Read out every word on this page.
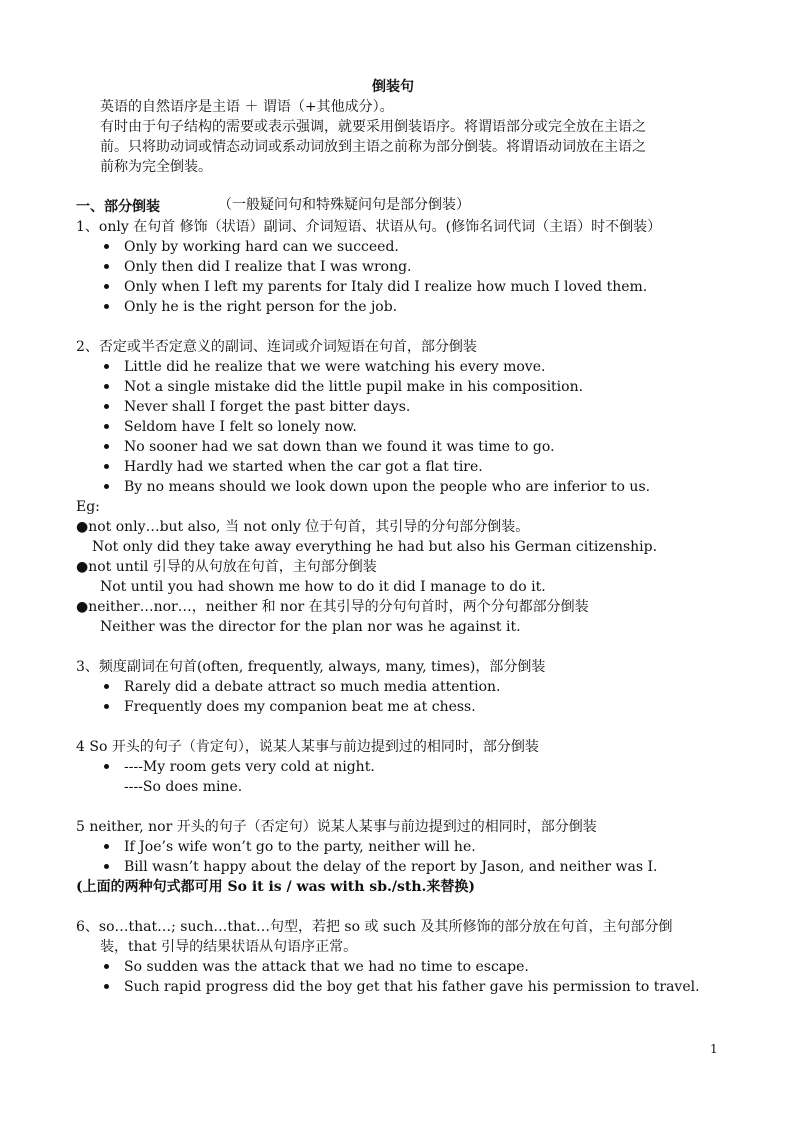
倒装句
英语的自然语序是主语 ＋ 谓语（+其他成分）。
有时由于句子结构的需要或表示强调，就要采用倒装语序。将谓语部分或完全放在主语之
前。只将助动词或情态动词或系动词放到主语之前称为部分倒装。将谓语动词放在主语之
前称为完全倒装。
一、部分倒装	（一般疑问句和特殊疑问句是部分倒装）
1、only 在句首 修饰（状语）副词、介词短语、状语从句。(修饰名词代词（主语）时不倒装）
Only by working hard can we succeed.
Only then did I realize that I was wrong.
Only when I left my parents for Italy did I realize how much I loved them.
Only he is the right person for the job.
2、否定或半否定意义的副词、连词或介词短语在句首，部分倒装
Little did he realize that we were watching his every move.
Not a single mistake did the little pupil make in his composition.
Never shall I forget the past bitter days.
Seldom have I felt so lonely now.
No sooner had we sat down than we found it was time to go.
Hardly had we started when the car got a flat tire.
By no means should we look down upon the people who are inferior to us.
Eg:
●not only…but also, 当 not only 位于句首，其引导的分句部分倒装。
Not only did they take away everything he had but also his German citizenship.
●not until 引导的从句放在句首，主句部分倒装
Not until you had shown me how to do it did I manage to do it.
●neither…nor…，neither 和 nor 在其引导的分句句首时，两个分句都部分倒装
Neither was the director for the plan nor was he against it.
3、频度副词在句首(often, frequently, always, many, times)，部分倒装
Rarely did a debate attract so much media attention.
Frequently does my companion beat me at chess.
4 So 开头的句子（肯定句），说某人某事与前边提到过的相同时，部分倒装
----My room gets very cold at night.
----So does mine.
5 neither, nor 开头的句子（否定句）说某人某事与前边提到过的相同时，部分倒装
If Joe’s wife won’t go to the party, neither will he.
Bill wasn’t happy about the delay of the report by Jason, and neither was I.
(上面的两种句式都可用 So it is / was with sb./sth.来替换)
6、so…that…; such…that…句型，若把 so 或 such 及其所修饰的部分放在句首，主句部分倒
装，that 引导的结果状语从句语序正常。
So sudden was the attack that we had no time to escape.
Such rapid progress did the boy get that his father gave his permission to travel.
1
